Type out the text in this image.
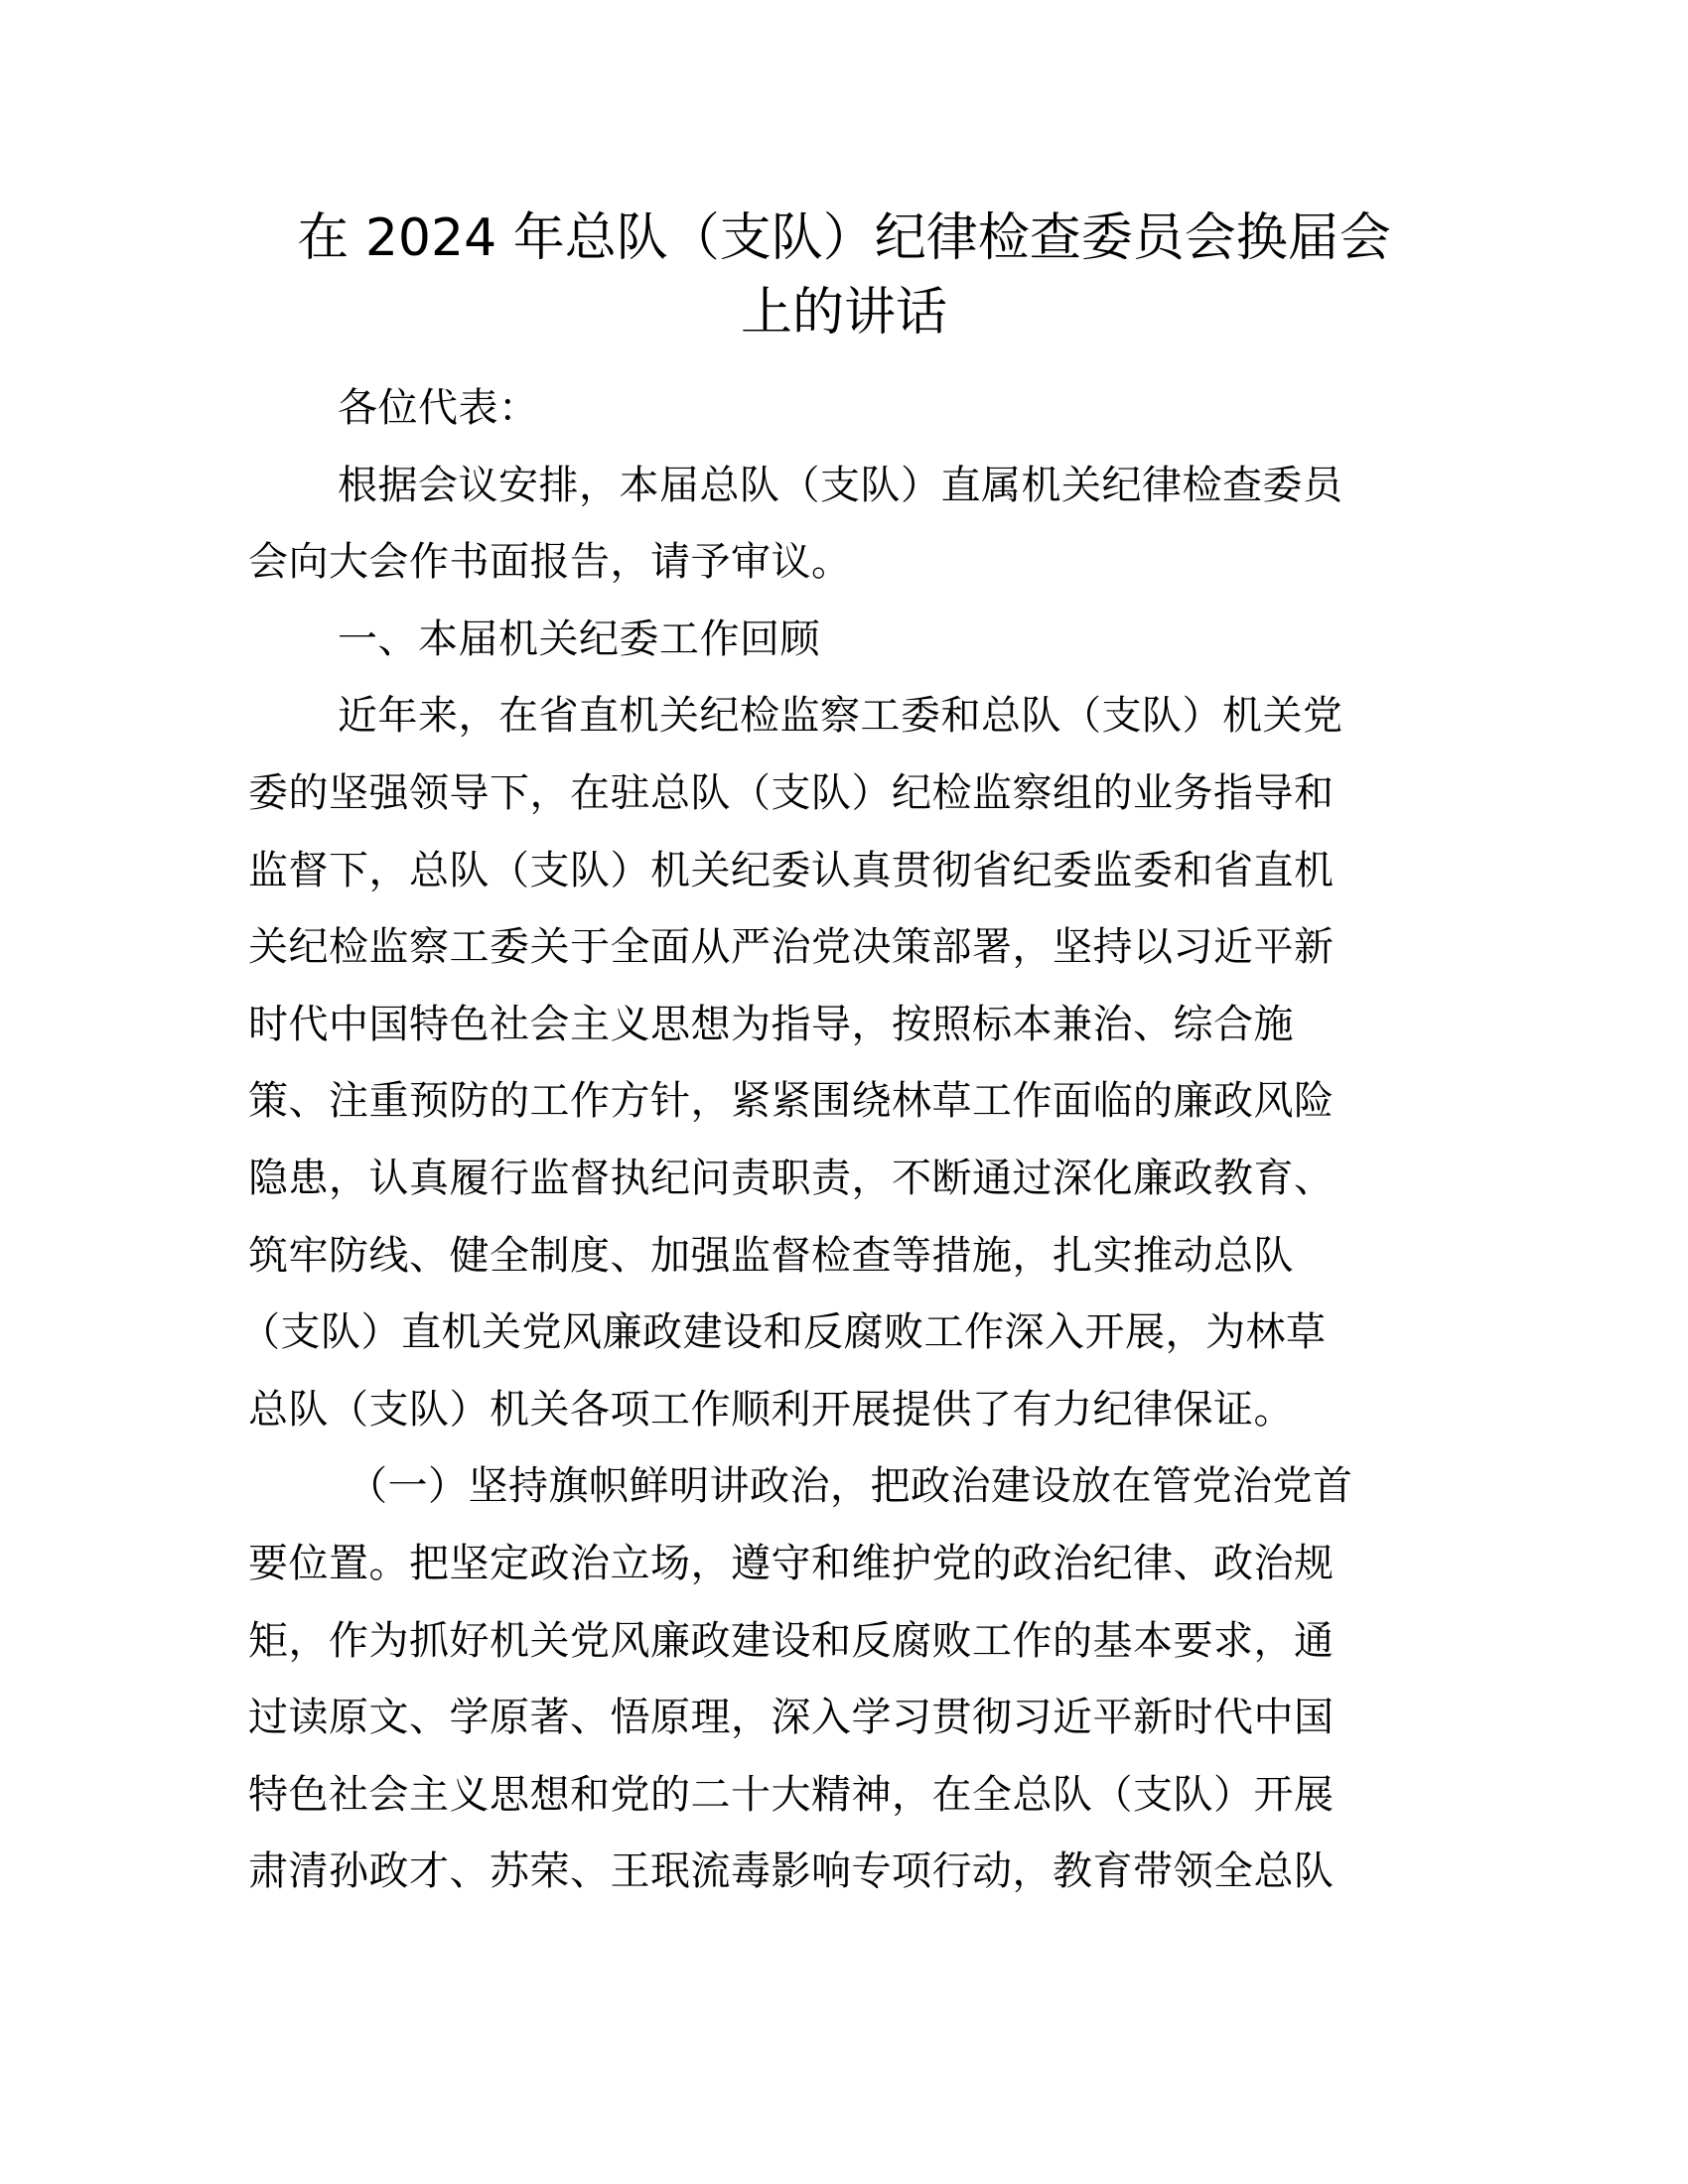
在 2024 年总队（支队）纪律检查委员会换届会
上的讲话

各位代表：

根据会议安排，本届总队（支队）直属机关纪律检查委员
会向大会作书面报告，请予审议。

一、本届机关纪委工作回顾

近年来，在省直机关纪检监察工委和总队（支队）机关党
委的坚强领导下，在驻总队（支队）纪检监察组的业务指导和
监督下，总队（支队）机关纪委认真贯彻省纪委监委和省直机
关纪检监察工委关于全面从严治党决策部署，坚持以习近平新
时代中国特色社会主义思想为指导，按照标本兼治、综合施
策、注重预防的工作方针，紧紧围绕林草工作面临的廉政风险
隐患，认真履行监督执纪问责职责，不断通过深化廉政教育、
筑牢防线、健全制度、加强监督检查等措施，扎实推动总队
（支队）直机关党风廉政建设和反腐败工作深入开展，为林草
总队（支队）机关各项工作顺利开展提供了有力纪律保证。

（一）坚持旗帜鲜明讲政治，把政治建设放在管党治党首
要位置。把坚定政治立场，遵守和维护党的政治纪律、政治规
矩，作为抓好机关党风廉政建设和反腐败工作的基本要求，通
过读原文、学原著、悟原理，深入学习贯彻习近平新时代中国
特色社会主义思想和党的二十大精神，在全总队（支队）开展
肃清孙政才、苏荣、王珉流毒影响专项行动，教育带领全总队
